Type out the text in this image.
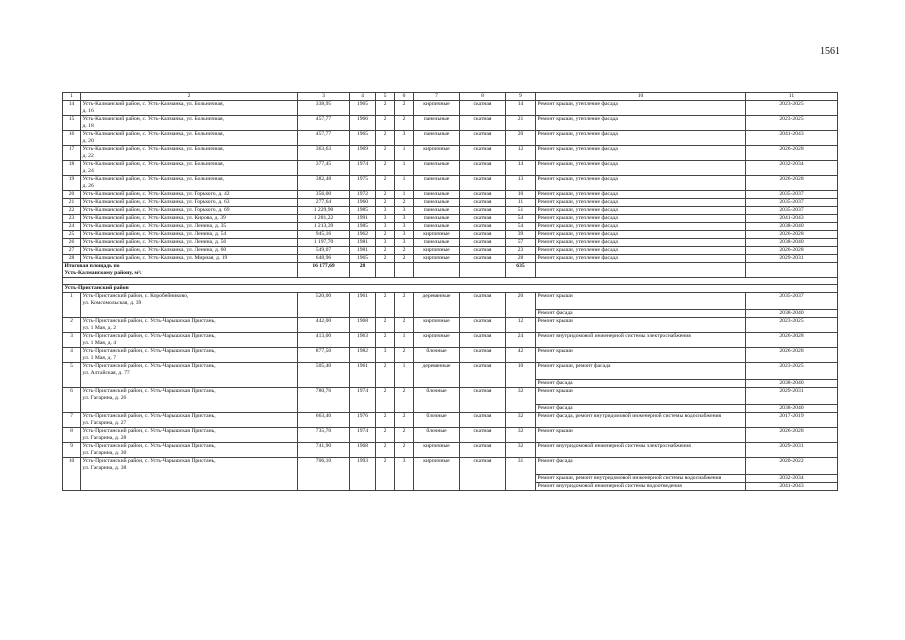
1561
1	2	3	4	5	6	7	8	9	10	11
14	Усть-Калманский район, с. Усть-Калманка, ул. Больничная,
д. 16	338,95	1965	2	2	кирпичные	скатная	14	Ремонт крыши, утепление фасада	2023-2025
15	Усть-Калманский район, с. Усть-Калманка, ул. Больничная,
д. 18	457,77	1966	2	2	панельные	скатная	21	Ремонт крыши, утепление фасада	2023-2025
16	Усть-Калманский район, с. Усть-Калманка, ул. Больничная,
д. 20	457,77	1965	2	3	панельные	скатная	20	Ремонт крыши, утепление фасада	2041-2043
17	Усть-Калманский район, с. Усть-Калманка, ул. Больничная,
д. 22	363,63	1969	2	1	кирпичные	скатная	12	Ремонт крыши, утепление фасада	2026-2028
18	Усть-Калманский район, с. Усть-Калманка, ул. Больничная,
д. 24	377,45	1974	2	1	панельные	скатная	14	Ремонт крыши, утепление фасада	2032-2034
19	Усть-Калманский район, с. Усть-Калманка, ул. Больничная,
д. 26	382,48	1975	2	1	панельные	скатная	13	Ремонт крыши, утепление фасада	2026-2028
20	Усть-Калманский район, с. Усть-Калманка, ул. Горького, д. 42	356,00	1972	2	1	панельные	скатная	10	Ремонт крыши, утепление фасада	2035-2037
21	Усть-Калманский район, с. Усть-Калманка, ул. Горького, д. 63	277,64	1960	2	2	панельные	скатная	11	Ремонт крыши, утепление фасада	2035-2037
22	Усть-Калманский район, с. Усть-Калманка, ул. Горького, д. 69	1 229,90	1985	3	3	панельные	скатная	51	Ремонт крыши, утепление фасада	2035-2037
23	Усть-Калманский район, с. Усть-Калманка, ул. Кирова, д. 39	1 281,22	1991	3	3	панельные	скатная	54	Ремонт крыши, утепление фасада	2041-2043
24	Усть-Калманский район, с. Усть-Калманка, ул. Ленина, д. 35	1 213,39	1985	3	3	панельные	скатная	54	Ремонт крыши, утепление фасада	2038-2040
25	Усть-Калманский район, с. Усть-Калманка, ул. Ленина, д. 54	945,16	1962	2	3	кирпичные	скатная	39	Ремонт крыши, утепление фасада	2026-2028
26	Усть-Калманский район, с. Усть-Калманка, ул. Ленина, д. 56	1 197,70	1981	3	3	панельные	скатная	57	Ремонт крыши, утепление фасада	2038-2040
27	Усть-Калманский район, с. Усть-Калманка, ул. Ленина, д. 60	549,07	1981	2	2	кирпичные	скатная	23	Ремонт крыши, утепление фасада	2026-2028
28	Усть-Калманский район, с. Усть-Калманка, ул. Мирная, д. 19	648,96	1965	2	2	кирпичные	скатная	28	Ремонт крыши, утепление фасада	2029-2031
Итоговая площадь по
Усть-Калманскому району, м²:		16 177,69	28					635		

Усть-Пристанский район										
1	Усть-Пристанский район, с. Коробейниково,
ул. Комсомольская, д. 39	520,00	1961	2	2	деревянные	скатная	20	Ремонт крыши	2035-2037
									Ремонт фасада	2038-2040
2	Усть-Пристанский район, с. Усть-Чарышская Пристань,
ул. 1 Мая, д. 2	442,00	1968	2	2	кирпичные	скатная	12	Ремонт крыши	2023-2025
3	Усть-Пристанский район, с. Усть-Чарышская Пристань,
ул. 1 Мая, д. 4	413,00	1963	2	1	кирпичные	скатная	24	Ремонт внутридомовой инженерной системы электроснабжения	2026-2028
4	Усть-Пристанский район, с. Усть-Чарышская Пристань,
ул. 1 Мая, д. 7	877,50	1982	3	2	блочные	скатная	42	Ремонт крыши	2026-2028
5	Усть-Пристанский район, с. Усть-Чарышская Пристань,
ул. Алтайская, д. 77	505,40	1961	2	1	деревянные	скатная	10	Ремонт крыши, ремонт фасада	2023-2025
									Ремонт фасада	2038-2040
6	Усть-Пристанский район, с. Усть-Чарышская Пристань,
ул. Гагарина, д. 26	780,76	1974	2	2	блочные	скатная	32	Ремонт крыши	2029-2031
									Ремонт фасада	2038-2040
7	Усть-Пристанский район, с. Усть-Чарышская Пристань,
ул. Гагарина, д. 27	663,40	1976	2	2	блочные	скатная	32	Ремонт фасада, ремонт внутридомовой инженерной системы водоснабжения	2017-2019
8	Усть-Пристанский район, с. Усть-Чарышская Пристань,
ул. Гагарина, д. 28	735,70	1974	2	2	блочные	скатная	32	Ремонт крыши	2026-2028
9	Усть-Пристанский район, с. Усть-Чарышская Пристань,
ул. Гагарина, д. 30	741,90	1968	2	2	кирпичные	скатная	32	Ремонт внутридомовой инженерной системы электроснабжения	2029-2031
10	Усть-Пристанский район, с. Усть-Чарышская Пристань,
ул. Гагарина, д. 38	706,10	1993	2	3	кирпичные	скатная	31	Ремонт фасада	2020-2022
									Ремонт крыши, ремонт внутридомовой инженерной системы водоснабжения	2032-2034
									Ремонт внутридомовой инженерной системы водоотведения	2041-2043
